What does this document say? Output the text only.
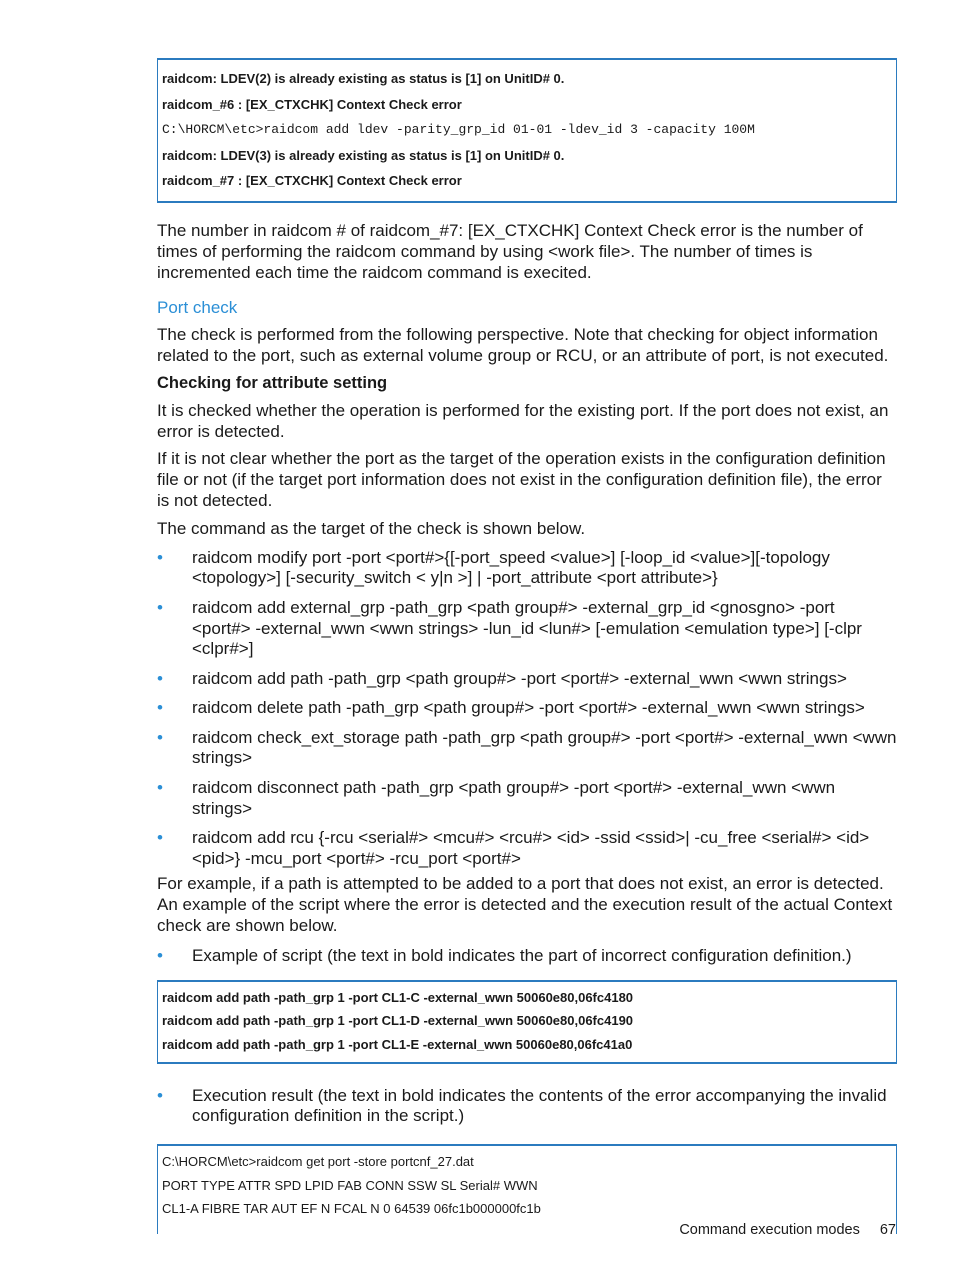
raidcom: LDEV(2) is already existing as status is [1] on UnitID# 0.
raidcom_#6 : [EX_CTXCHK] Context Check error
C:\HORCM\etc>raidcom add ldev -parity_grp_id 01-01 -ldev_id 3 -capacity 100M
raidcom: LDEV(3) is already existing as status is [1] on UnitID# 0.
raidcom_#7 : [EX_CTXCHK] Context Check error

The number in raidcom # of raidcom_#7: [EX_CTXCHK] Context Check error is the number of times of performing the raidcom command by using <work file>. The number of times is incremented each time the raidcom command is execited.

Port check

The check is performed from the following perspective. Note that checking for object information related to the port, such as external volume group or RCU, or an attribute of port, is not executed.

Checking for attribute setting

It is checked whether the operation is performed for the existing port. If the port does not exist, an error is detected.

If it is not clear whether the port as the target of the operation exists in the configuration definition file or not (if the target port information does not exist in the configuration definition file), the error is not detected.

The command as the target of the check is shown below.

• raidcom modify port -port <port#>{[-port_speed <value>] [-loop_id <value>][-topology <topology>] [-security_switch < y|n >] | -port_attribute <port attribute>}
• raidcom add external_grp -path_grp <path group#> -external_grp_id <gnosgno> -port <port#> -external_wwn <wwn strings> -lun_id <lun#> [-emulation <emulation type>] [-clpr <clpr#>]
• raidcom add path -path_grp <path group#> -port <port#> -external_wwn <wwn strings>
• raidcom delete path -path_grp <path group#> -port <port#> -external_wwn <wwn strings>
• raidcom check_ext_storage path -path_grp <path group#> -port <port#> -external_wwn <wwn strings>
• raidcom disconnect path -path_grp <path group#> -port <port#> -external_wwn <wwn strings>
• raidcom add rcu {-rcu <serial#> <mcu#> <rcu#> <id> -ssid <ssid>| -cu_free <serial#> <id> <pid>} -mcu_port <port#> -rcu_port <port#>

For example, if a path is attempted to be added to a port that does not exist, an error is detected. An example of the script where the error is detected and the execution result of the actual Context check are shown below.

• Example of script (the text in bold indicates the part of incorrect configuration definition.)
raidcom add path -path_grp 1 -port CL1-C -external_wwn 50060e80,06fc4180
raidcom add path -path_grp 1 -port CL1-D -external_wwn 50060e80,06fc4190
raidcom add path -path_grp 1 -port CL1-E -external_wwn 50060e80,06fc41a0
• Execution result (the text in bold indicates the contents of the error accompanying the invalid configuration definition in the script.)
C:\HORCM\etc>raidcom get port -store portcnf_27.dat
PORT TYPE ATTR SPD LPID FAB CONN SSW SL Serial# WWN
CL1-A FIBRE TAR AUT EF N FCAL N 0 64539 06fc1b000000fc1b
Command execution modes 67
